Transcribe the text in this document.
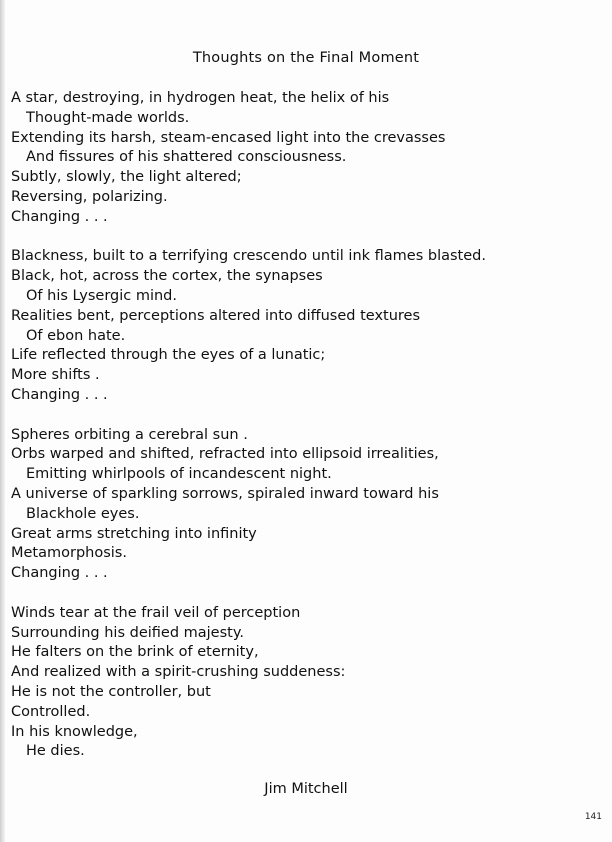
Thoughts on the Final Moment
A star, destroying, in hydrogen heat, the helix of his
Thought-made worlds.
Extending its harsh, steam-encased light into the crevasses
And fissures of his shattered consciousness.
Subtly, slowly, the light altered;
Reversing, polarizing.
Changing . . .
Blackness, built to a terrifying crescendo until ink flames blasted.
Black, hot, across the cortex, the synapses
Of his Lysergic mind.
Realities bent, perceptions altered into diffused textures
Of ebon hate.
Life reflected through the eyes of a lunatic;
More shifts .
Changing . . .
Spheres orbiting a cerebral sun .
Orbs warped and shifted, refracted into ellipsoid irrealities,
Emitting whirlpools of incandescent night.
A universe of sparkling sorrows, spiraled inward toward his
Blackhole eyes.
Great arms stretching into infinity
Metamorphosis.
Changing . . .
Winds tear at the frail veil of perception
Surrounding his deified majesty.
He falters on the brink of eternity,
And realized with a spirit-crushing suddeness:
He is not the controller, but
Controlled.
In his knowledge,
He dies.
Jim Mitchell
141
